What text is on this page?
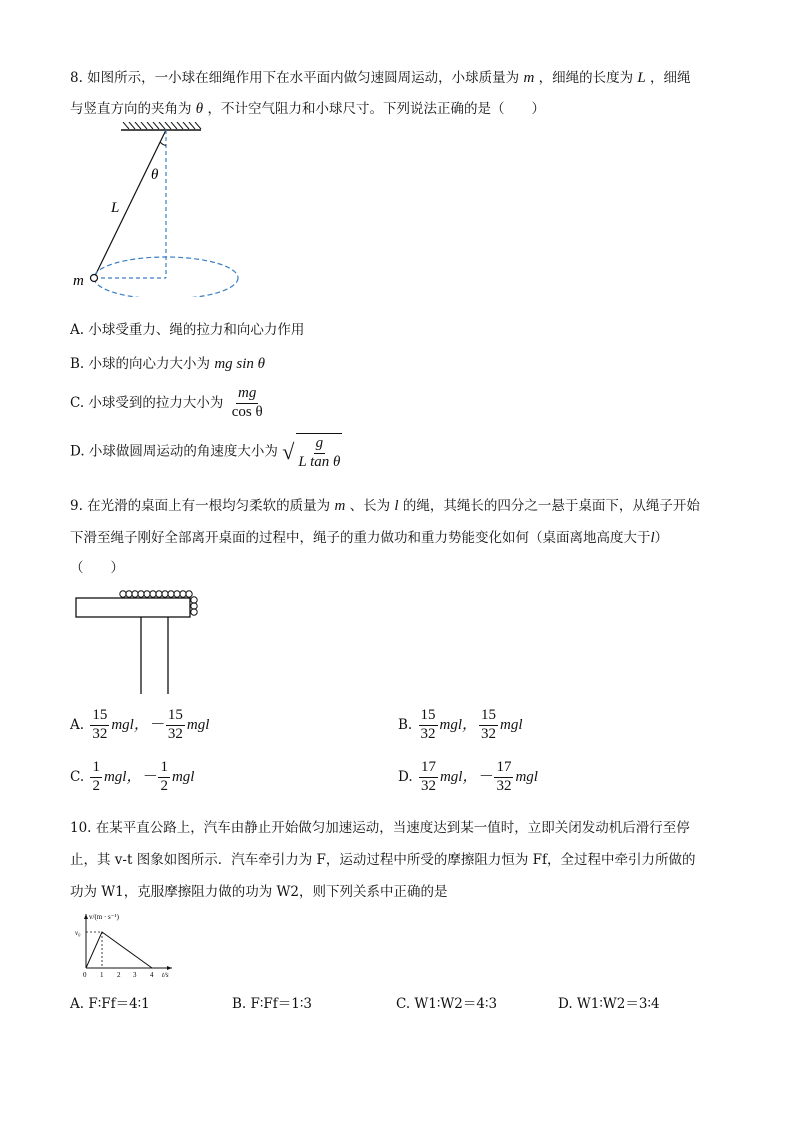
8. 如图所示，一小球在细绳作用下在水平面内做匀速圆周运动，小球质量为 m ，细绳的长度为 L ，细绳
与竖直方向的夹角为 θ ，不计空气阻力和小球尺寸。下列说法正确的是（　　）
θ
L
m
A. 小球受重力、绳的拉力和向心力作用
B. 小球的向心力大小为 mg sin θ
C. 小球受到的拉力大小为 $\frac{mg}{\text{cos θ}}$
D. 小球做圆周运动的角速度大小为 √ $\frac{g}{\text{L tan θ}}$
9. 在光滑的桌面上有一根均匀柔软的质量为 m 、长为 l 的绳，其绳长的四分之一悬于桌面下，从绳子开始
下滑至绳子刚好全部离开桌面的过程中，绳子的重力做功和重力势能变化如何（桌面离地高度大于l）
（　　）
A. $\frac{15}{32}$ mgl，－ $\frac{15}{32}$ mgl	B. $\frac{15}{32}$ mgl， $\frac{15}{32}$ mgl
C. $\frac{1}{2}$ mgl，－ $\frac{1}{2}$ mgl	D. $\frac{17}{32}$ mgl，－ $\frac{17}{32}$ mgl
10. 在某平直公路上，汽车由静止开始做匀加速运动，当速度达到某一值时，立即关闭发动机后滑行至停
止，其 v-t 图象如图所示．汽车牵引力为 F，运动过程中所受的摩擦阻力恒为 Ff，全过程中牵引力所做的
功为 W1，克服摩擦阻力做的功为 W2，则下列关系中正确的是
v/(m · s⁻¹)
v₀
0 1 2 3 4 t/s
A. F∶Ff＝4∶1	B. F∶Ff＝1∶3	C. W1∶W2＝4∶3	D. W1∶W2＝3∶4
